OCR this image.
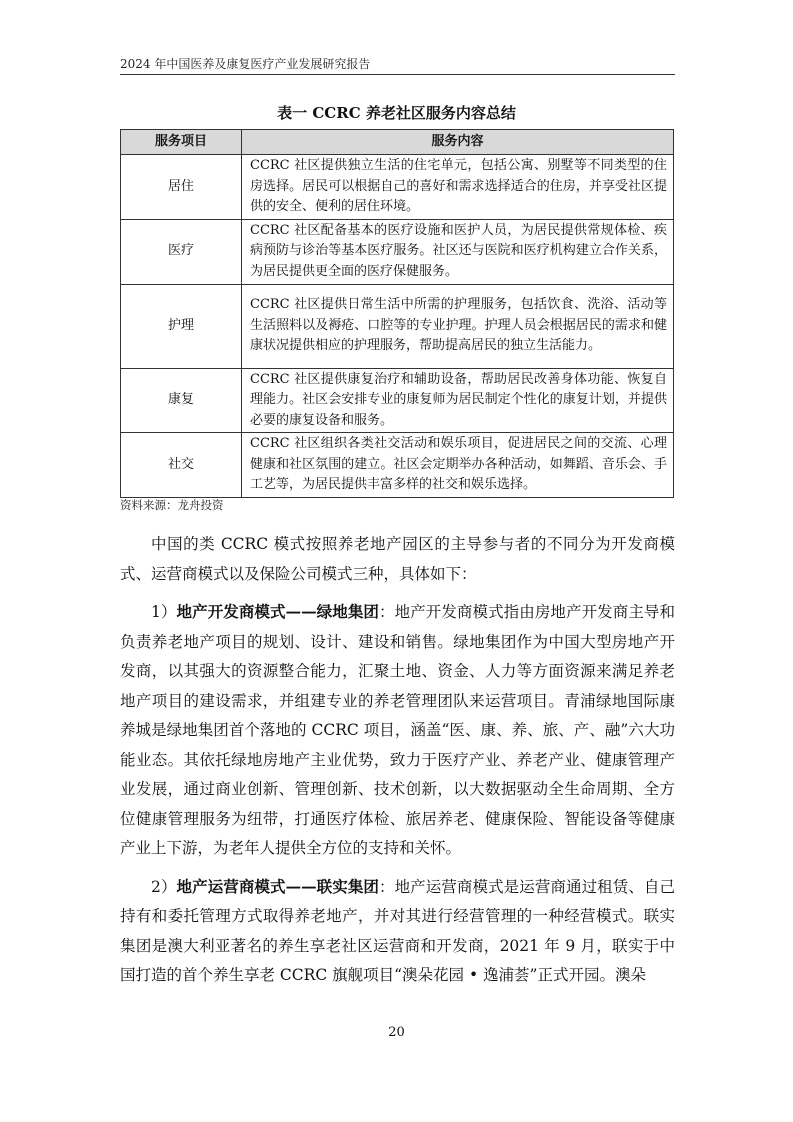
2024 年中国医养及康复医疗产业发展研究报告
表一 CCRC 养老社区服务内容总结
服务项目	服务内容
居住	CCRC 社区提供独立生活的住宅单元，包括公寓、别墅等不同类型的住房选择。居民可以根据自己的喜好和需求选择适合的住房，并享受社区提供的安全、便利的居住环境。
医疗	CCRC 社区配备基本的医疗设施和医护人员，为居民提供常规体检、疾病预防与诊治等基本医疗服务。社区还与医院和医疗机构建立合作关系，为居民提供更全面的医疗保健服务。
护理	CCRC 社区提供日常生活中所需的护理服务，包括饮食、洗浴、活动等生活照料以及褥疮、口腔等的专业护理。护理人员会根据居民的需求和健康状况提供相应的护理服务，帮助提高居民的独立生活能力。
康复	CCRC 社区提供康复治疗和辅助设备，帮助居民改善身体功能、恢复自理能力。社区会安排专业的康复师为居民制定个性化的康复计划，并提供必要的康复设备和服务。
社交	CCRC 社区组织各类社交活动和娱乐项目，促进居民之间的交流、心理健康和社区氛围的建立。社区会定期举办各种活动，如舞蹈、音乐会、手工艺等，为居民提供丰富多样的社交和娱乐选择。
资料来源：龙舟投资

中国的类 CCRC 模式按照养老地产园区的主导参与者的不同分为开发商模式、运营商模式以及保险公司模式三种，具体如下：

1）地产开发商模式——绿地集团：地产开发商模式指由房地产开发商主导和负责养老地产项目的规划、设计、建设和销售。绿地集团作为中国大型房地产开发商，以其强大的资源整合能力，汇聚土地、资金、人力等方面资源来满足养老地产项目的建设需求，并组建专业的养老管理团队来运营项目。青浦绿地国际康养城是绿地集团首个落地的 CCRC 项目，涵盖“医、康、养、旅、产、融”六大功能业态。其依托绿地房地产主业优势，致力于医疗产业、养老产业、健康管理产业发展，通过商业创新、管理创新、技术创新，以大数据驱动全生命周期、全方位健康管理服务为纽带，打通医疗体检、旅居养老、健康保险、智能设备等健康产业上下游，为老年人提供全方位的支持和关怀。

2）地产运营商模式——联实集团：地产运营商模式是运营商通过租赁、自己持有和委托管理方式取得养老地产，并对其进行经营管理的一种经营模式。联实集团是澳大利亚著名的养生享老社区运营商和开发商，2021 年 9 月，联实于中国打造的首个养生享老 CCRC 旗舰项目“澳朵花园 • 逸浦荟”正式开园。澳朵

20
